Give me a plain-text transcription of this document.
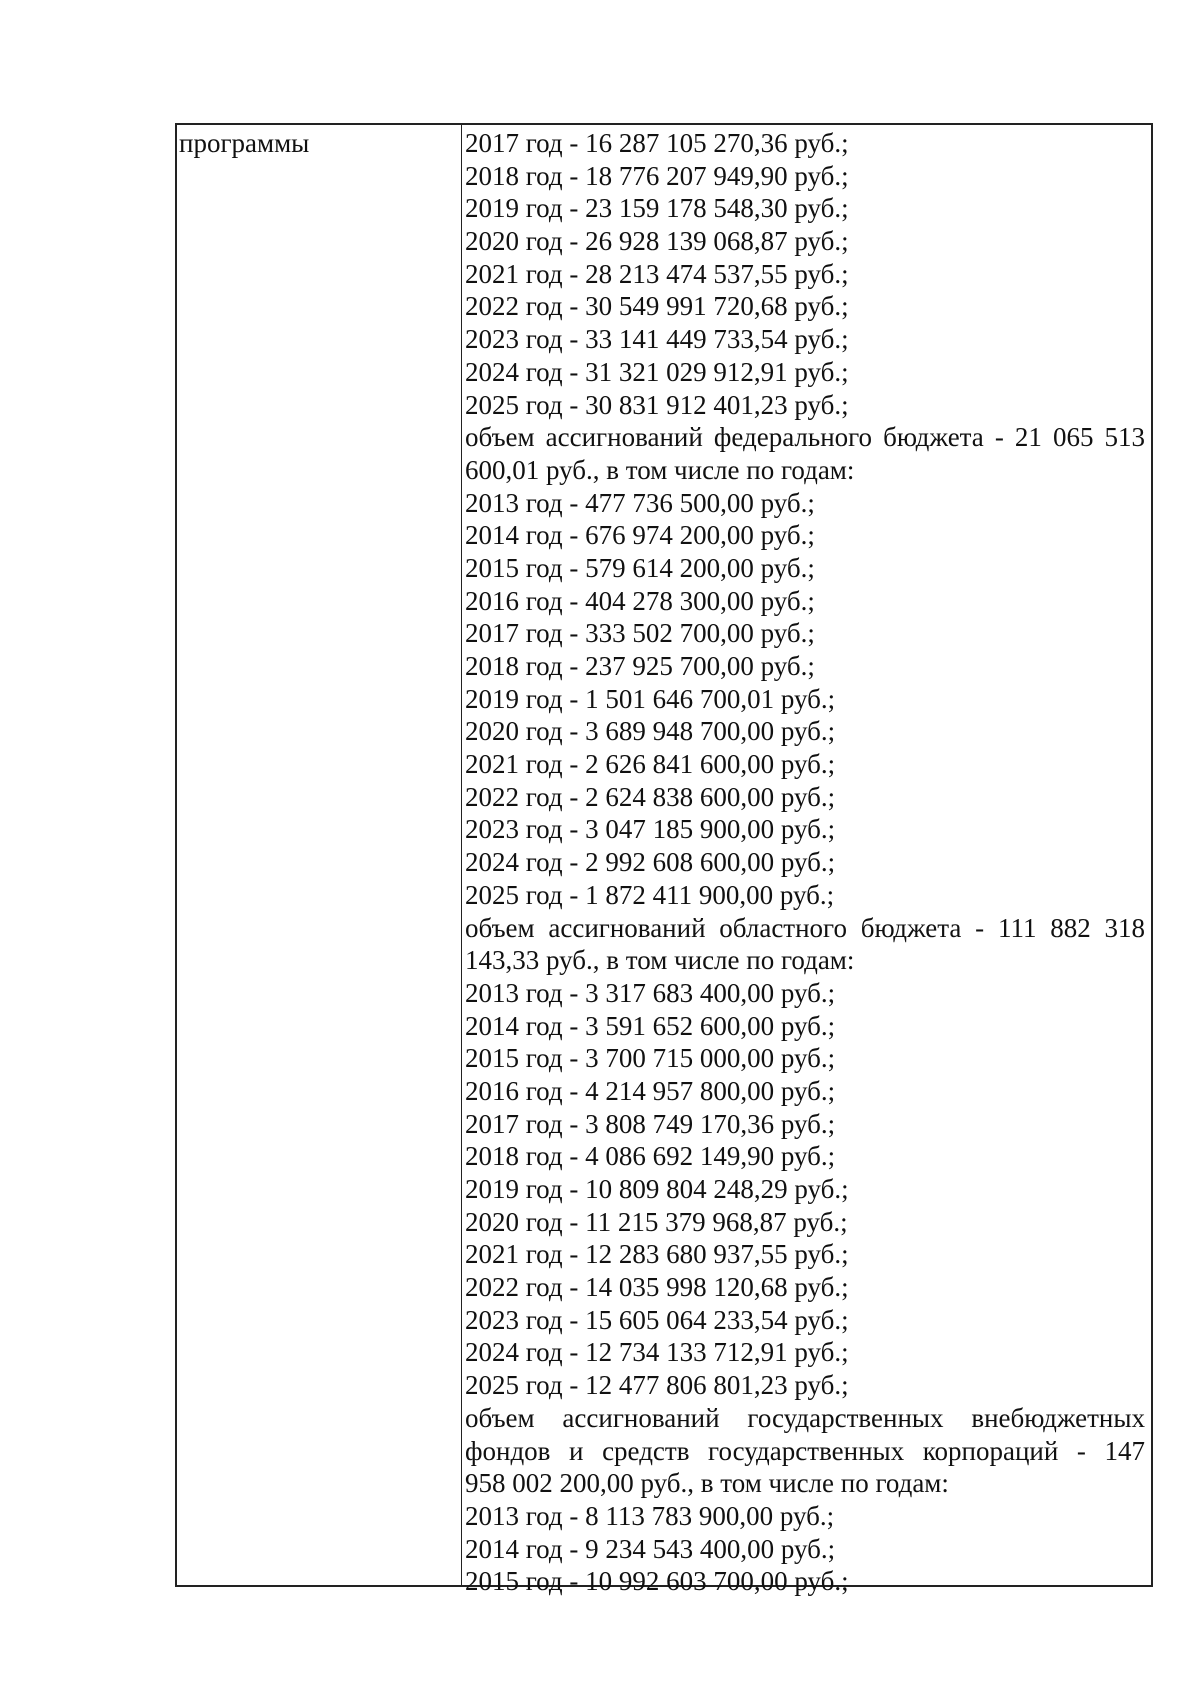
программы	2017 год - 16 287 105 270,36 руб.;
2018 год - 18 776 207 949,90 руб.;
2019 год - 23 159 178 548,30 руб.;
2020 год - 26 928 139 068,87 руб.;
2021 год - 28 213 474 537,55 руб.;
2022 год - 30 549 991 720,68 руб.;
2023 год - 33 141 449 733,54 руб.;
2024 год - 31 321 029 912,91 руб.;
2025 год - 30 831 912 401,23 руб.;
объем ассигнований федерального бюджета - 21 065 513
600,01 руб., в том числе по годам:
2013 год - 477 736 500,00 руб.;
2014 год - 676 974 200,00 руб.;
2015 год - 579 614 200,00 руб.;
2016 год - 404 278 300,00 руб.;
2017 год - 333 502 700,00 руб.;
2018 год - 237 925 700,00 руб.;
2019 год - 1 501 646 700,01 руб.;
2020 год - 3 689 948 700,00 руб.;
2021 год - 2 626 841 600,00 руб.;
2022 год - 2 624 838 600,00 руб.;
2023 год - 3 047 185 900,00 руб.;
2024 год - 2 992 608 600,00 руб.;
2025 год - 1 872 411 900,00 руб.;
объем ассигнований областного бюджета - 111 882 318
143,33 руб., в том числе по годам:
2013 год - 3 317 683 400,00 руб.;
2014 год - 3 591 652 600,00 руб.;
2015 год - 3 700 715 000,00 руб.;
2016 год - 4 214 957 800,00 руб.;
2017 год - 3 808 749 170,36 руб.;
2018 год - 4 086 692 149,90 руб.;
2019 год - 10 809 804 248,29 руб.;
2020 год - 11 215 379 968,87 руб.;
2021 год - 12 283 680 937,55 руб.;
2022 год - 14 035 998 120,68 руб.;
2023 год - 15 605 064 233,54 руб.;
2024 год - 12 734 133 712,91 руб.;
2025 год - 12 477 806 801,23 руб.;
объем ассигнований государственных внебюджетных
фондов и средств государственных корпораций - 147
958 002 200,00 руб., в том числе по годам:
2013 год - 8 113 783 900,00 руб.;
2014 год - 9 234 543 400,00 руб.;
2015 год - 10 992 603 700,00 руб.;
